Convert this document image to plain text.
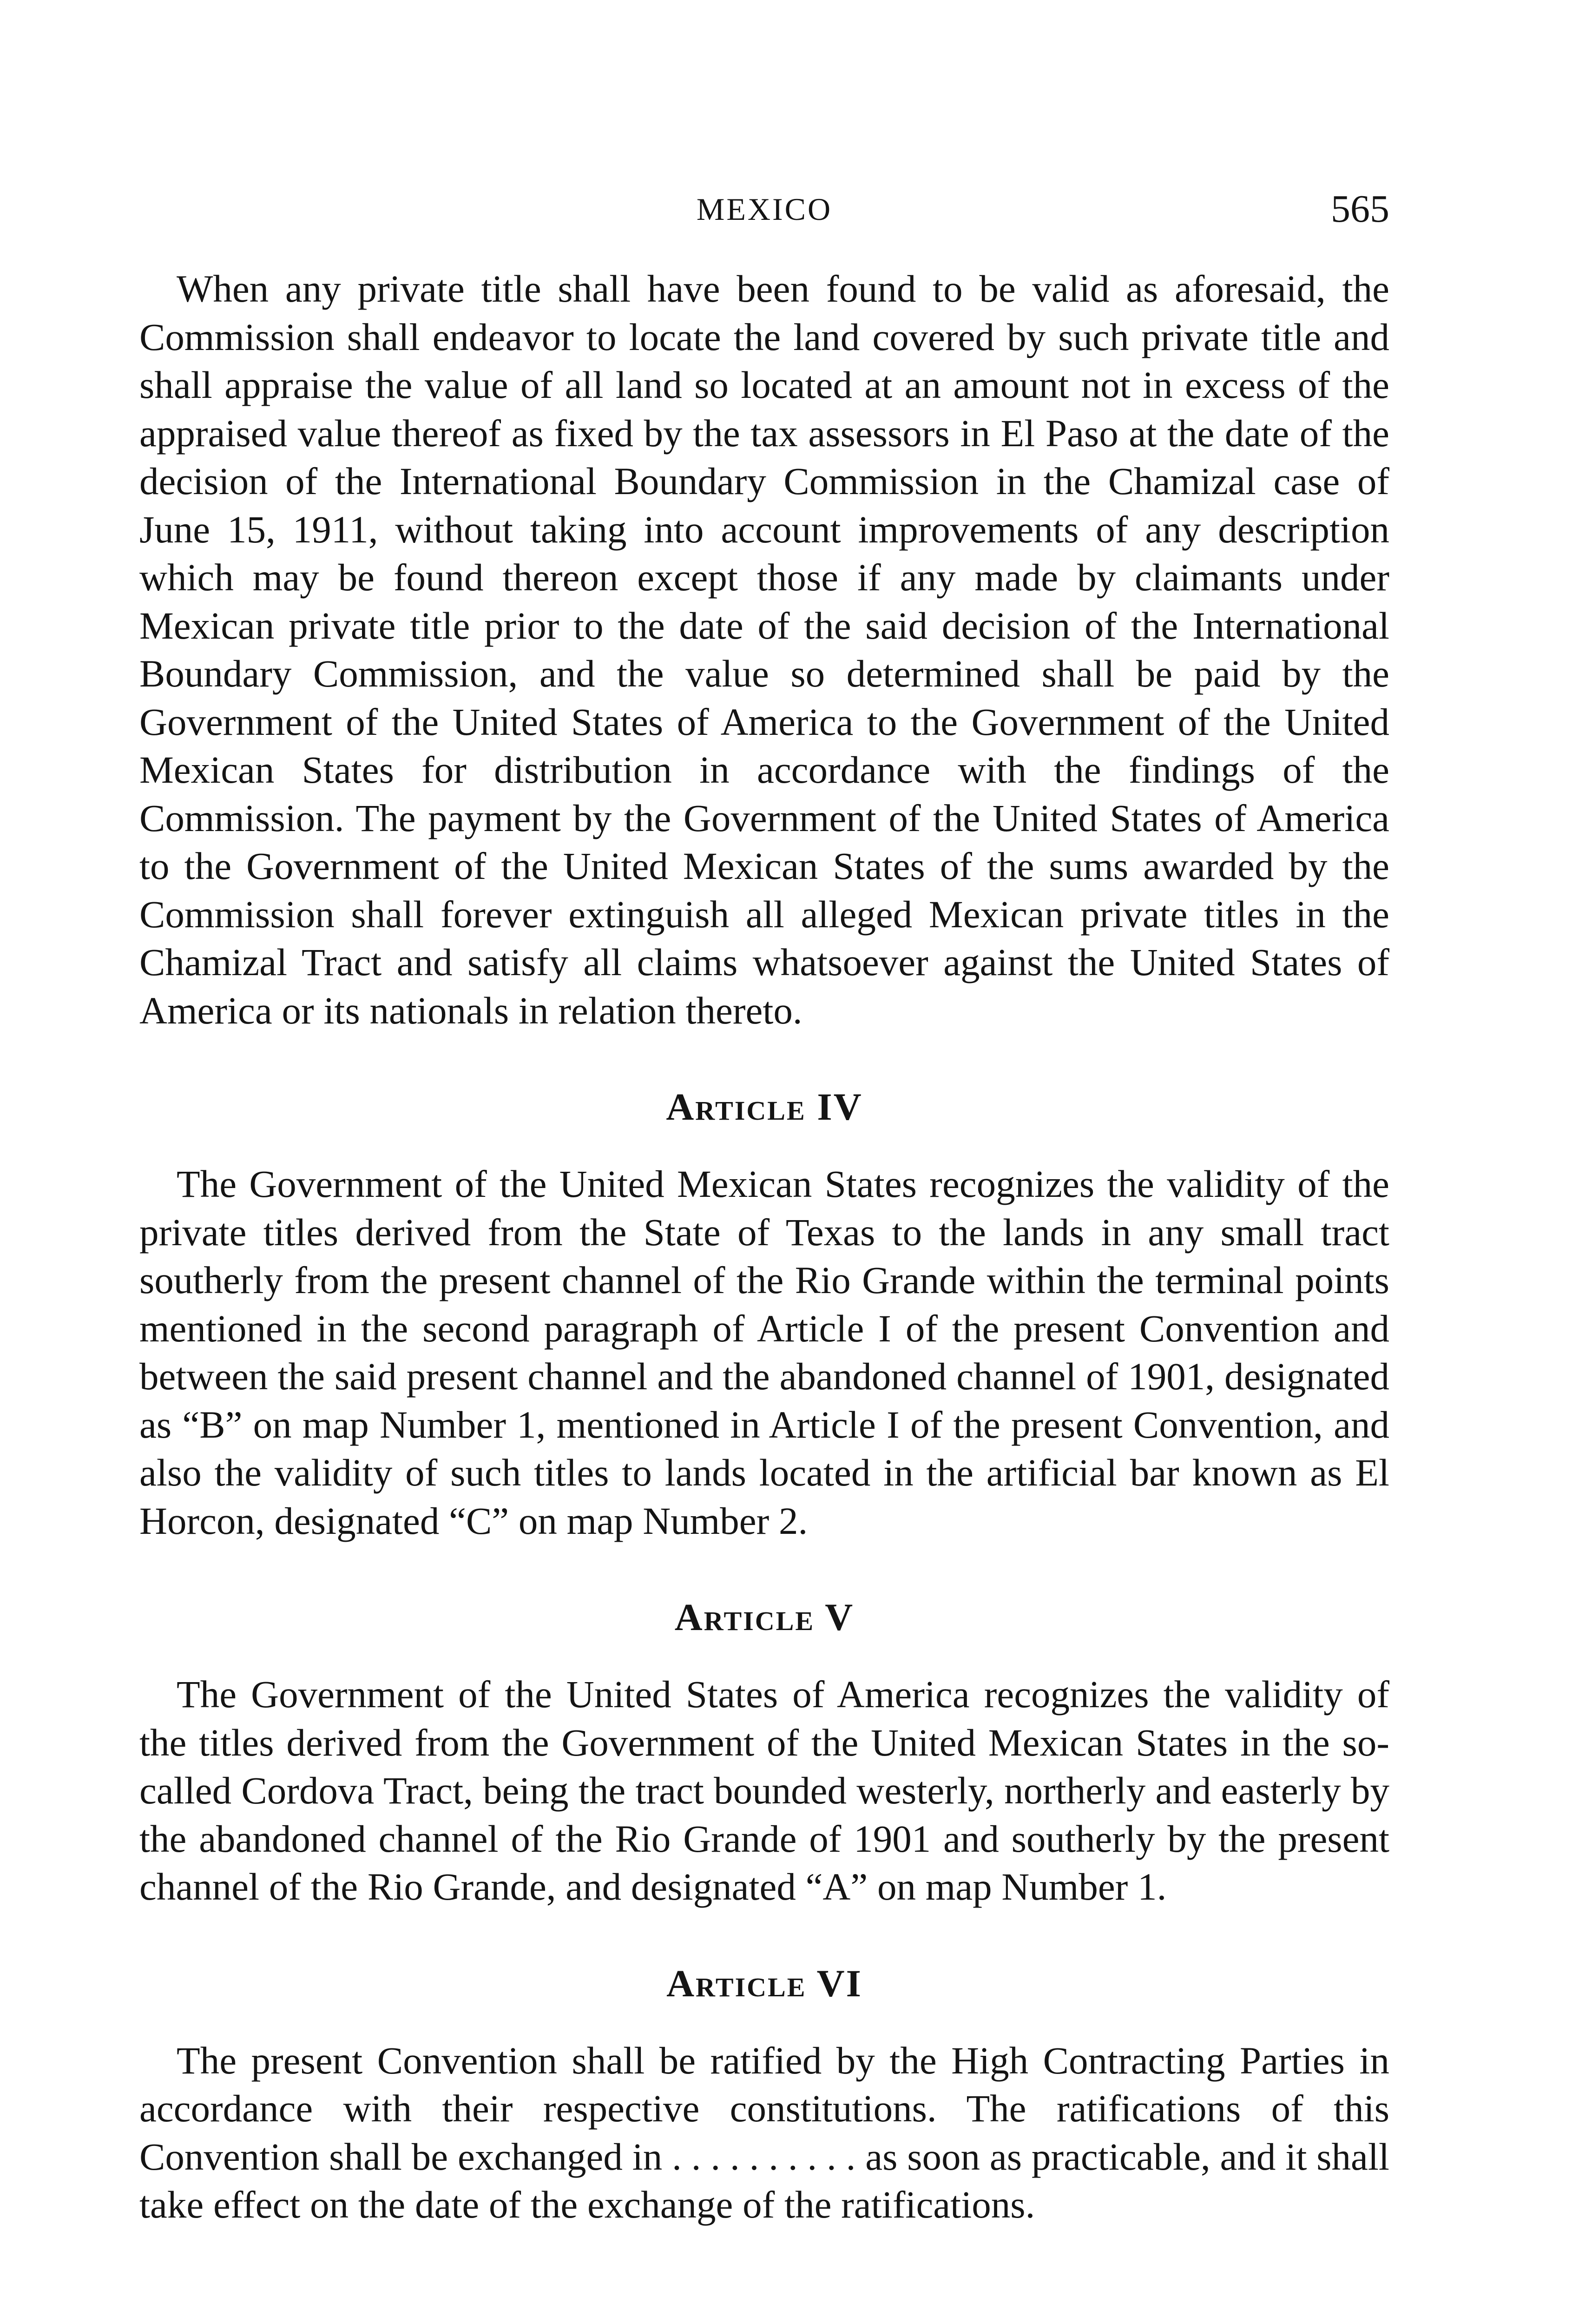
MEXICO	565

When any private title shall have been found to be valid as aforesaid, the Commission shall endeavor to locate the land covered by such private title and shall appraise the value of all land so located at an amount not in excess of the appraised value thereof as fixed by the tax assessors in El Paso at the date of the decision of the International Boundary Commission in the Chamizal case of June 15, 1911, without taking into account improvements of any description which may be found thereon except those if any made by claimants under Mexican private title prior to the date of the said decision of the International Boundary Commission, and the value so determined shall be paid by the Government of the United States of America to the Government of the United Mexican States for distribution in accordance with the findings of the Commission. The payment by the Government of the United States of America to the Government of the United Mexican States of the sums awarded by the Commission shall forever extinguish all alleged Mexican private titles in the Chamizal Tract and satisfy all claims whatsoever against the United States of America or its nationals in relation thereto.

Article IV

The Government of the United Mexican States recognizes the validity of the private titles derived from the State of Texas to the lands in any small tract southerly from the present channel of the Rio Grande within the terminal points mentioned in the second paragraph of Article I of the present Convention and between the said present channel and the abandoned channel of 1901, designated as “B” on map Number 1, mentioned in Article I of the present Convention, and also the validity of such titles to lands located in the artificial bar known as El Horcon, designated “C” on map Number 2.

Article V

The Government of the United States of America recognizes the validity of the titles derived from the Government of the United Mexican States in the so-called Cordova Tract, being the tract bounded westerly, northerly and easterly by the abandoned channel of the Rio Grande of 1901 and southerly by the present channel of the Rio Grande, and designated “A” on map Number 1.

Article VI

The present Convention shall be ratified by the High Contracting Parties in accordance with their respective constitutions. The ratifications of this Convention shall be exchanged in . . . . . . . . . . as soon as practicable, and it shall take effect on the date of the exchange of the ratifications.
